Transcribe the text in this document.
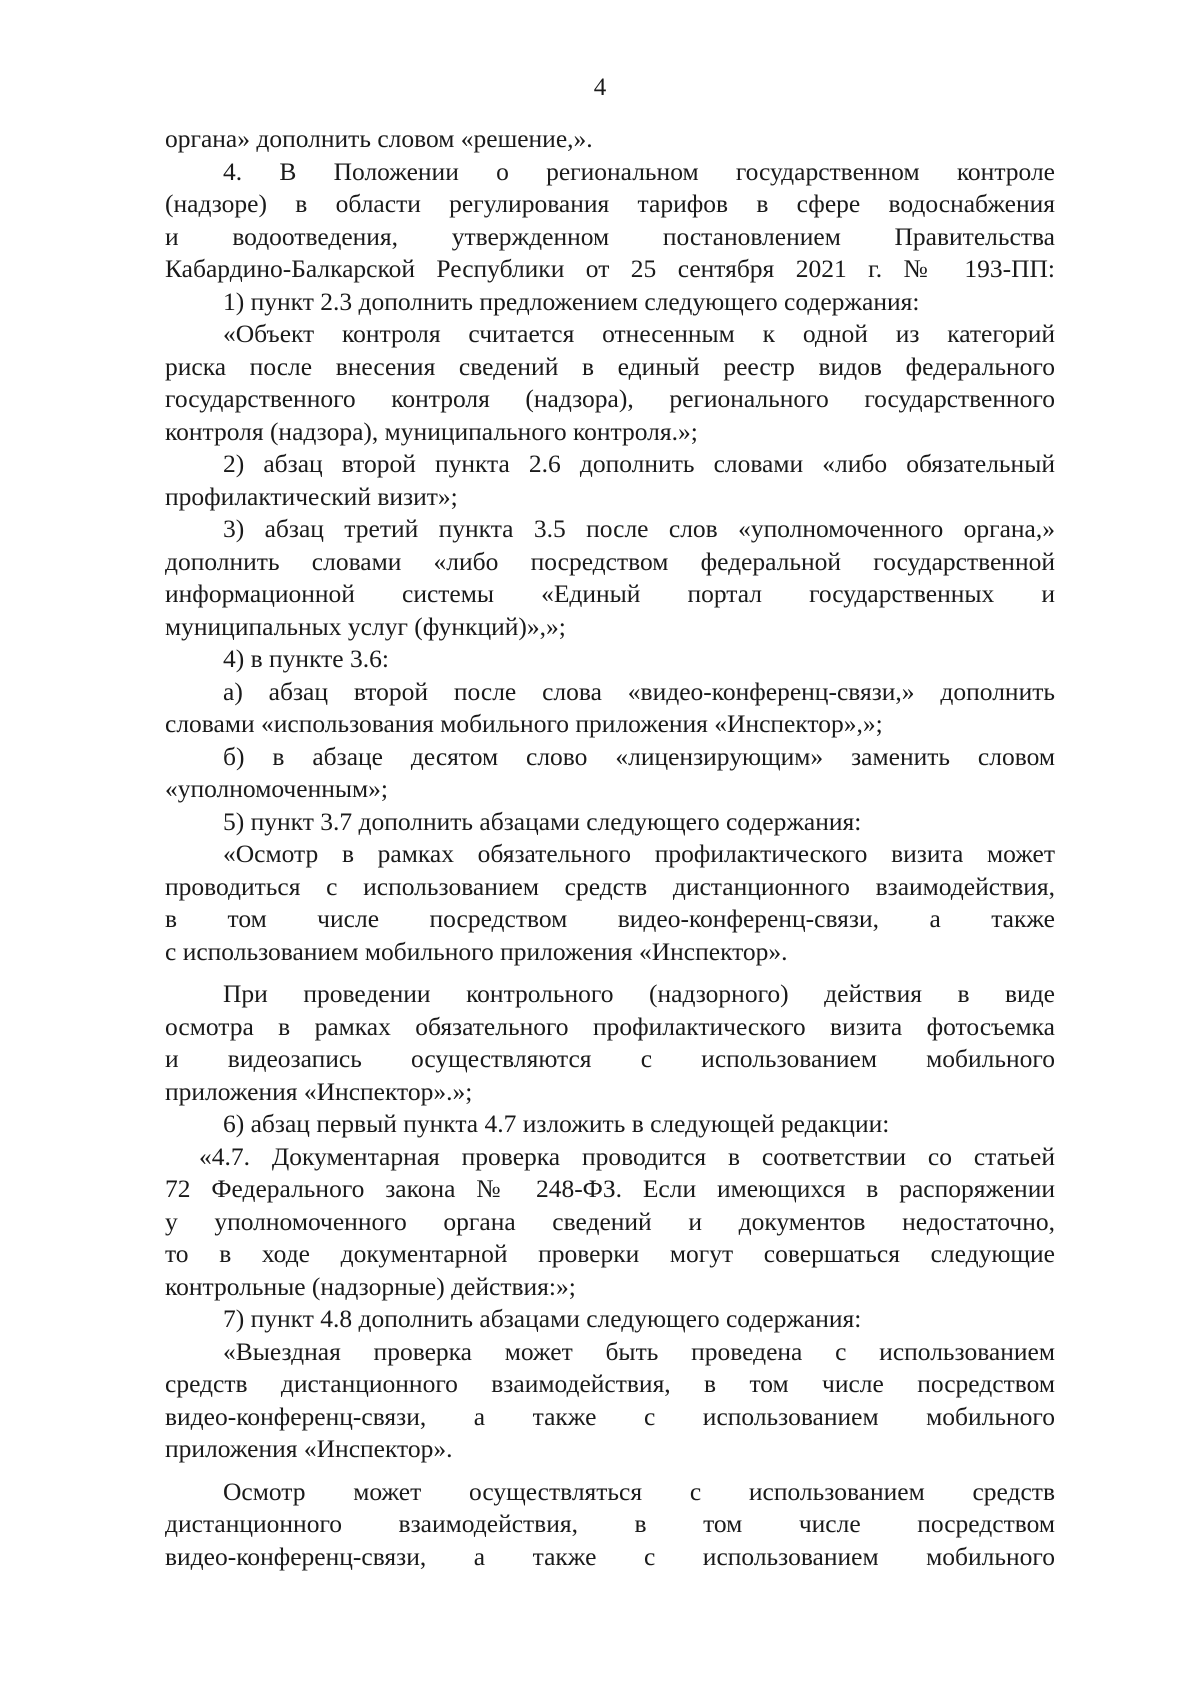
4
органа» дополнить словом «решение,».
4. В Положении о региональном государственном контроле
(надзоре) в области регулирования тарифов в сфере водоснабжения
и водоотведения, утвержденном постановлением Правительства
Кабардино-Балкарской Республики от 25 сентября 2021 г. № 193-ПП:
1) пункт 2.3 дополнить предложением следующего содержания:
«Объект контроля считается отнесенным к одной из категорий
риска после внесения сведений в единый реестр видов федерального
государственного контроля (надзора), регионального государственного
контроля (надзора), муниципального контроля.»;
2) абзац второй пункта 2.6 дополнить словами «либо обязательный
профилактический визит»;
3) абзац третий пункта 3.5 после слов «уполномоченного органа,»
дополнить словами «либо посредством федеральной государственной
информационной системы «Единый портал государственных и
муниципальных услуг (функций)»,»;
4) в пункте 3.6:
а) абзац второй после слова «видео-конференц-связи,» дополнить
словами «использования мобильного приложения «Инспектор»,»;
б) в абзаце десятом слово «лицензирующим» заменить словом
«уполномоченным»;
5) пункт 3.7 дополнить абзацами следующего содержания:
«Осмотр в рамках обязательного профилактического визита может
проводиться с использованием средств дистанционного взаимодействия,
в том числе посредством видео-конференц-связи, а также
с использованием мобильного приложения «Инспектор».
При проведении контрольного (надзорного) действия в виде
осмотра в рамках обязательного профилактического визита фотосъемка
и видеозапись осуществляются с использованием мобильного
приложения «Инспектор».»;
6) абзац первый пункта 4.7 изложить в следующей редакции:
«4.7. Документарная проверка проводится в соответствии со статьей
72 Федерального закона № 248-ФЗ. Если имеющихся в распоряжении
у уполномоченного органа сведений и документов недостаточно,
то в ходе документарной проверки могут совершаться следующие
контрольные (надзорные) действия:»;
7) пункт 4.8 дополнить абзацами следующего содержания:
«Выездная проверка может быть проведена с использованием
средств дистанционного взаимодействия, в том числе посредством
видео-конференц-связи, а также с использованием мобильного
приложения «Инспектор».
Осмотр может осуществляться с использованием средств
дистанционного взаимодействия, в том числе посредством
видео-конференц-связи, а также с использованием мобильного
